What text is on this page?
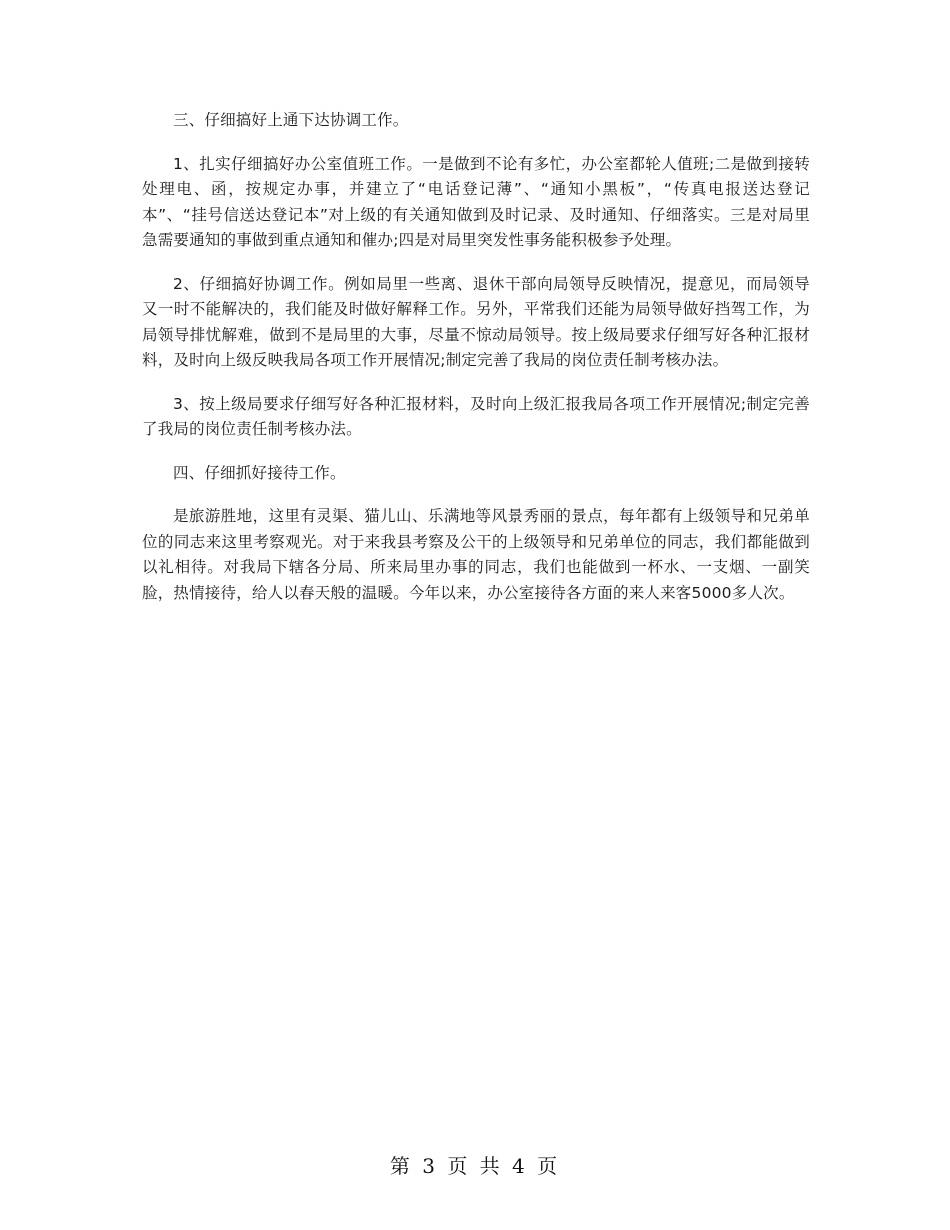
三、仔细搞好上通下达协调工作。

1、扎实仔细搞好办公室值班工作。一是做到不论有多忙，办公室都轮人值班;二是做到接转处理电、函，按规定办事，并建立了“电话登记薄”、“通知小黑板”，“传真电报送达登记本”、“挂号信送达登记本”对上级的有关通知做到及时记录、及时通知、仔细落实。三是对局里急需要通知的事做到重点通知和催办;四是对局里突发性事务能积极参予处理。

2、仔细搞好协调工作。例如局里一些离、退休干部向局领导反映情况，提意见，而局领导又一时不能解决的，我们能及时做好解释工作。另外，平常我们还能为局领导做好挡驾工作，为局领导排忧解难，做到不是局里的大事，尽量不惊动局领导。按上级局要求仔细写好各种汇报材料，及时向上级反映我局各项工作开展情况;制定完善了我局的岗位责任制考核办法。

3、按上级局要求仔细写好各种汇报材料，及时向上级汇报我局各项工作开展情况;制定完善了我局的岗位责任制考核办法。

四、仔细抓好接待工作。

是旅游胜地，这里有灵渠、猫儿山、乐满地等风景秀丽的景点，每年都有上级领导和兄弟单位的同志来这里考察观光。对于来我县考察及公干的上级领导和兄弟单位的同志，我们都能做到以礼相待。对我局下辖各分局、所来局里办事的同志，我们也能做到一杯水、一支烟、一副笑脸，热情接待，给人以春天般的温暖。今年以来，办公室接待各方面的来人来客5000多人次。

第 3 页 共 4 页
